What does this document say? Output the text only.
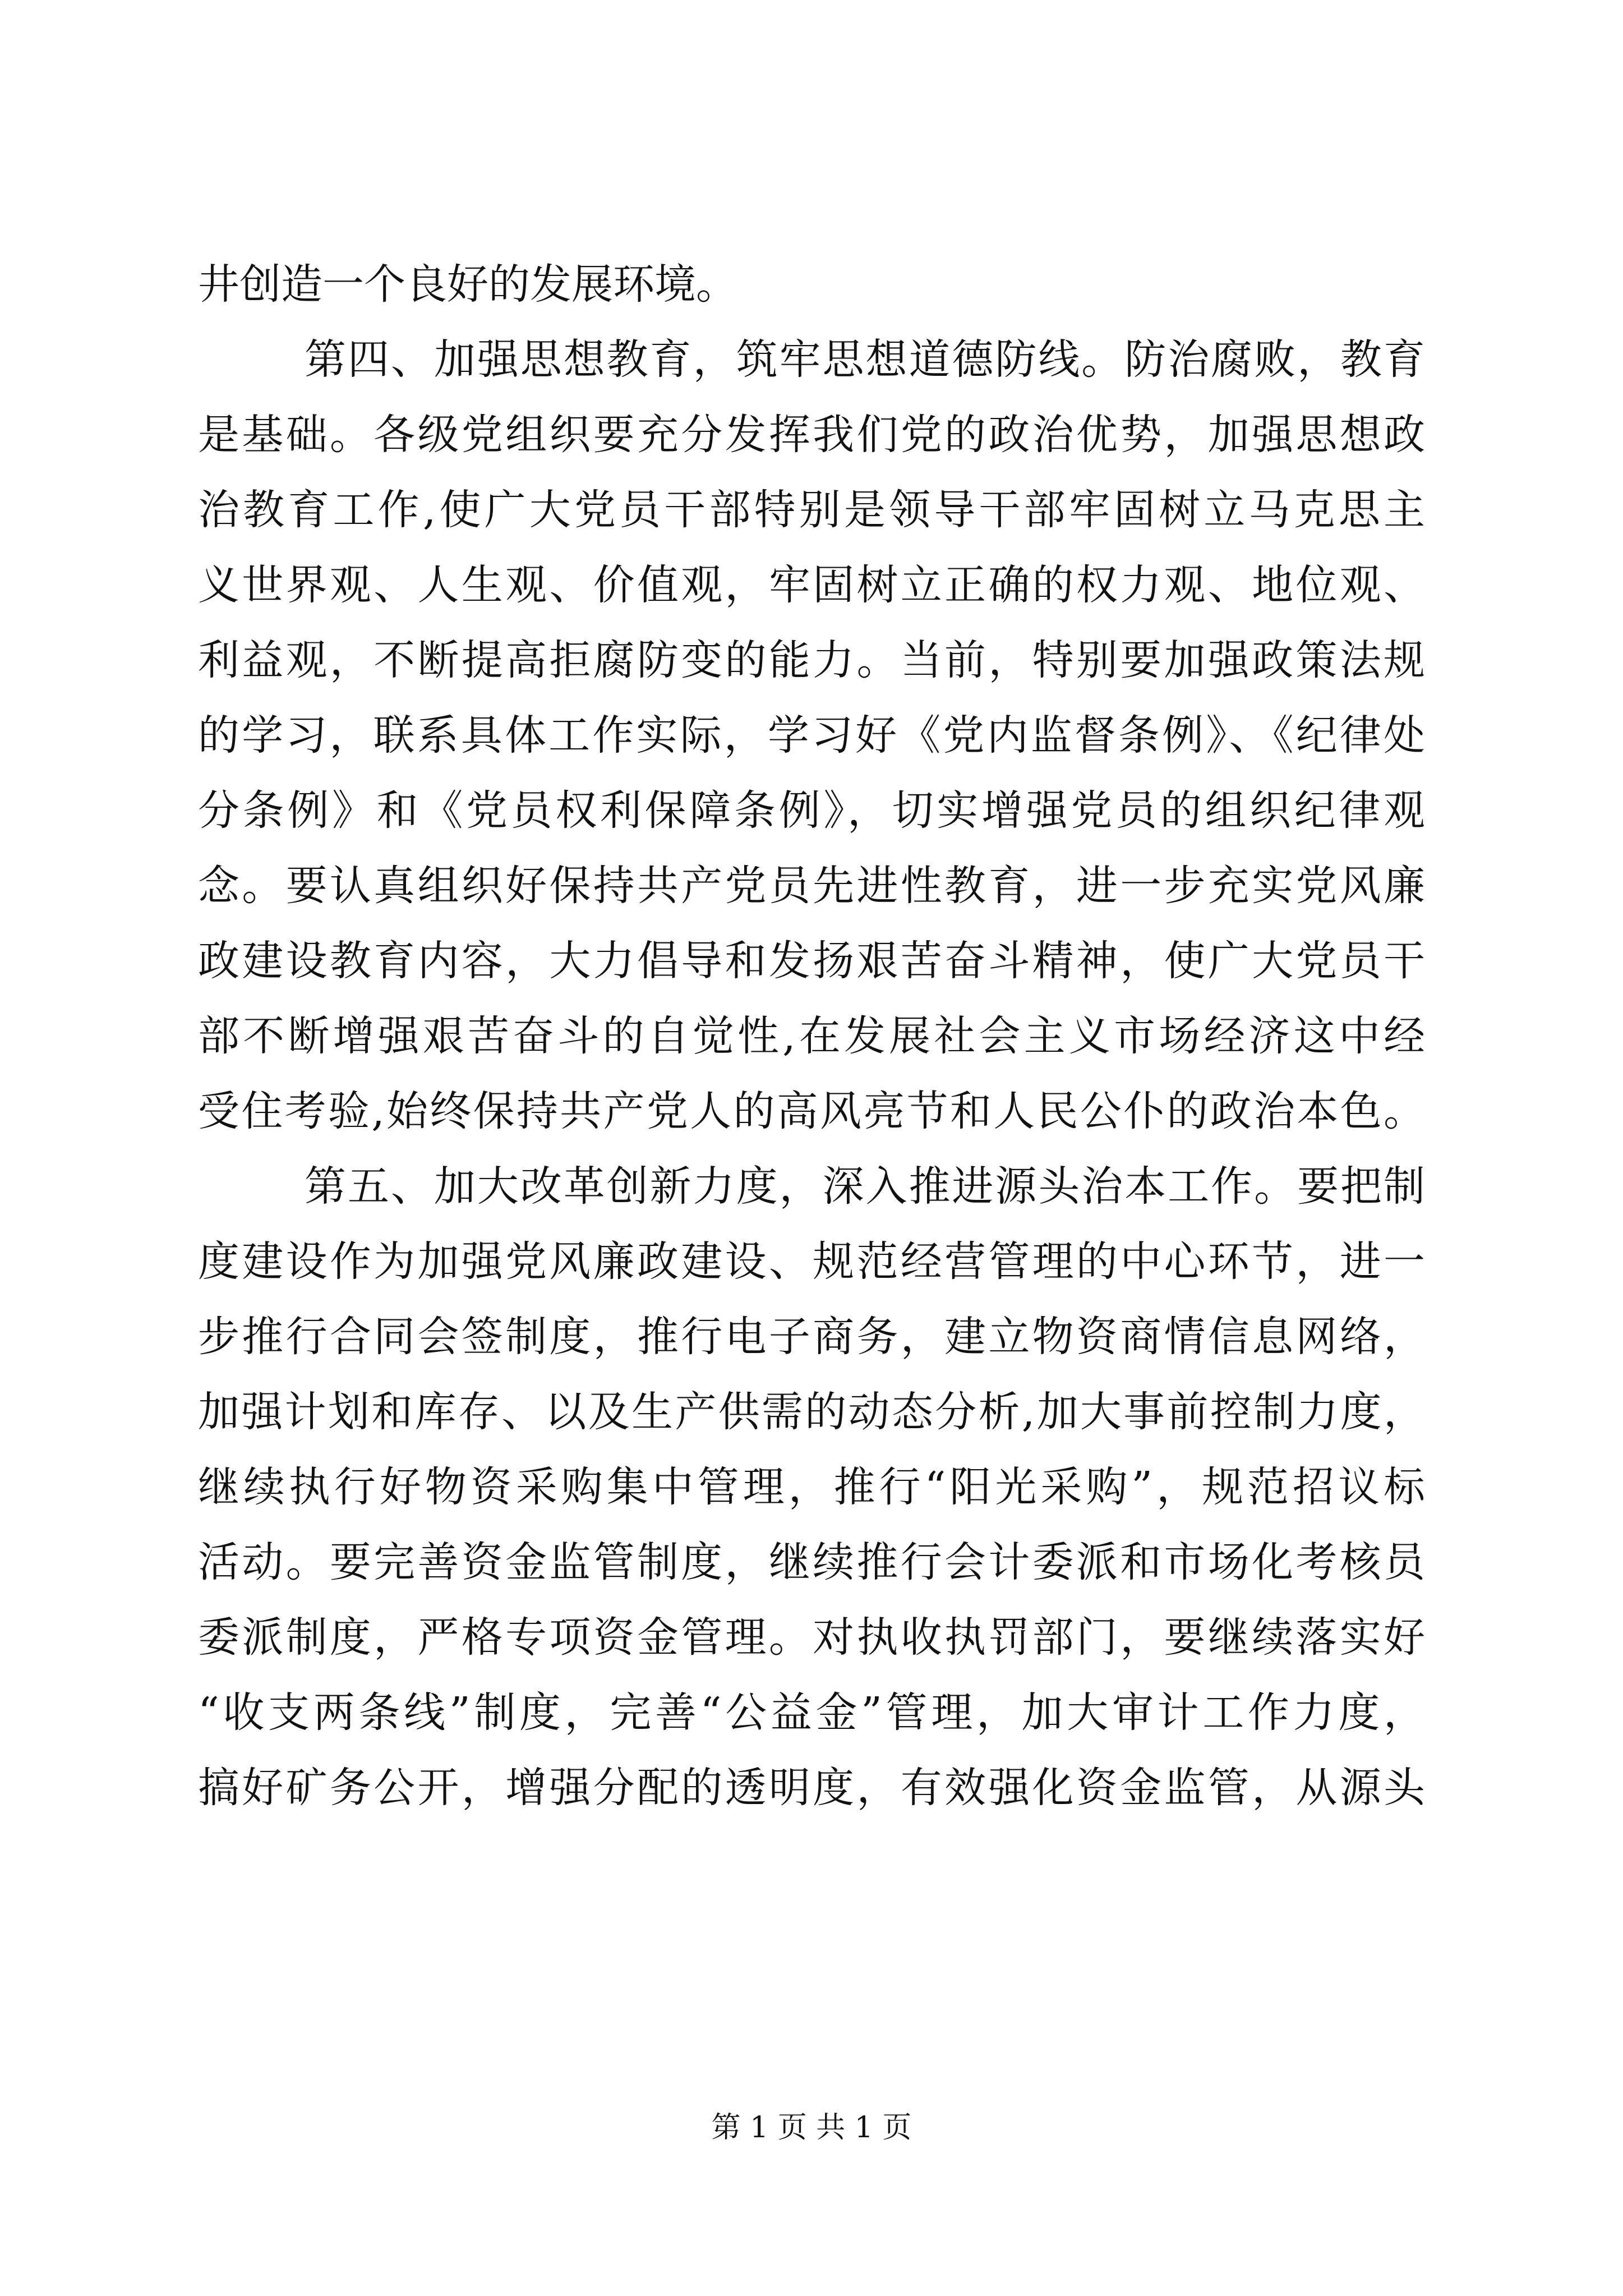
井创造一个良好的发展环境。
第四、加强思想教育，筑牢思想道德防线。防治腐败，教育
是基础。各级党组织要充分发挥我们党的政治优势，加强思想政
治教育工作,使广大党员干部特别是领导干部牢固树立马克思主
义世界观、人生观、价值观，牢固树立正确的权力观、地位观、
利益观，不断提高拒腐防变的能力。当前，特别要加强政策法规
的学习，联系具体工作实际，学习好《党内监督条例》、《纪律处
分条例》和《党员权利保障条例》，切实增强党员的组织纪律观
念。要认真组织好保持共产党员先进性教育，进一步充实党风廉
政建设教育内容，大力倡导和发扬艰苦奋斗精神，使广大党员干
部不断增强艰苦奋斗的自觉性,在发展社会主义市场经济这中经
受住考验,始终保持共产党人的高风亮节和人民公仆的政治本色。
第五、加大改革创新力度，深入推进源头治本工作。要把制
度建设作为加强党风廉政建设、规范经营管理的中心环节，进一
步推行合同会签制度，推行电子商务，建立物资商情信息网络，
加强计划和库存、以及生产供需的动态分析,加大事前控制力度，
继续执行好物资采购集中管理，推行“阳光采购”，规范招议标
活动。要完善资金监管制度，继续推行会计委派和市场化考核员
委派制度，严格专项资金管理。对执收执罚部门，要继续落实好
“收支两条线”制度，完善“公益金”管理，加大审计工作力度，
搞好矿务公开，增强分配的透明度，有效强化资金监管，从源头
第 1 页 共 1 页
